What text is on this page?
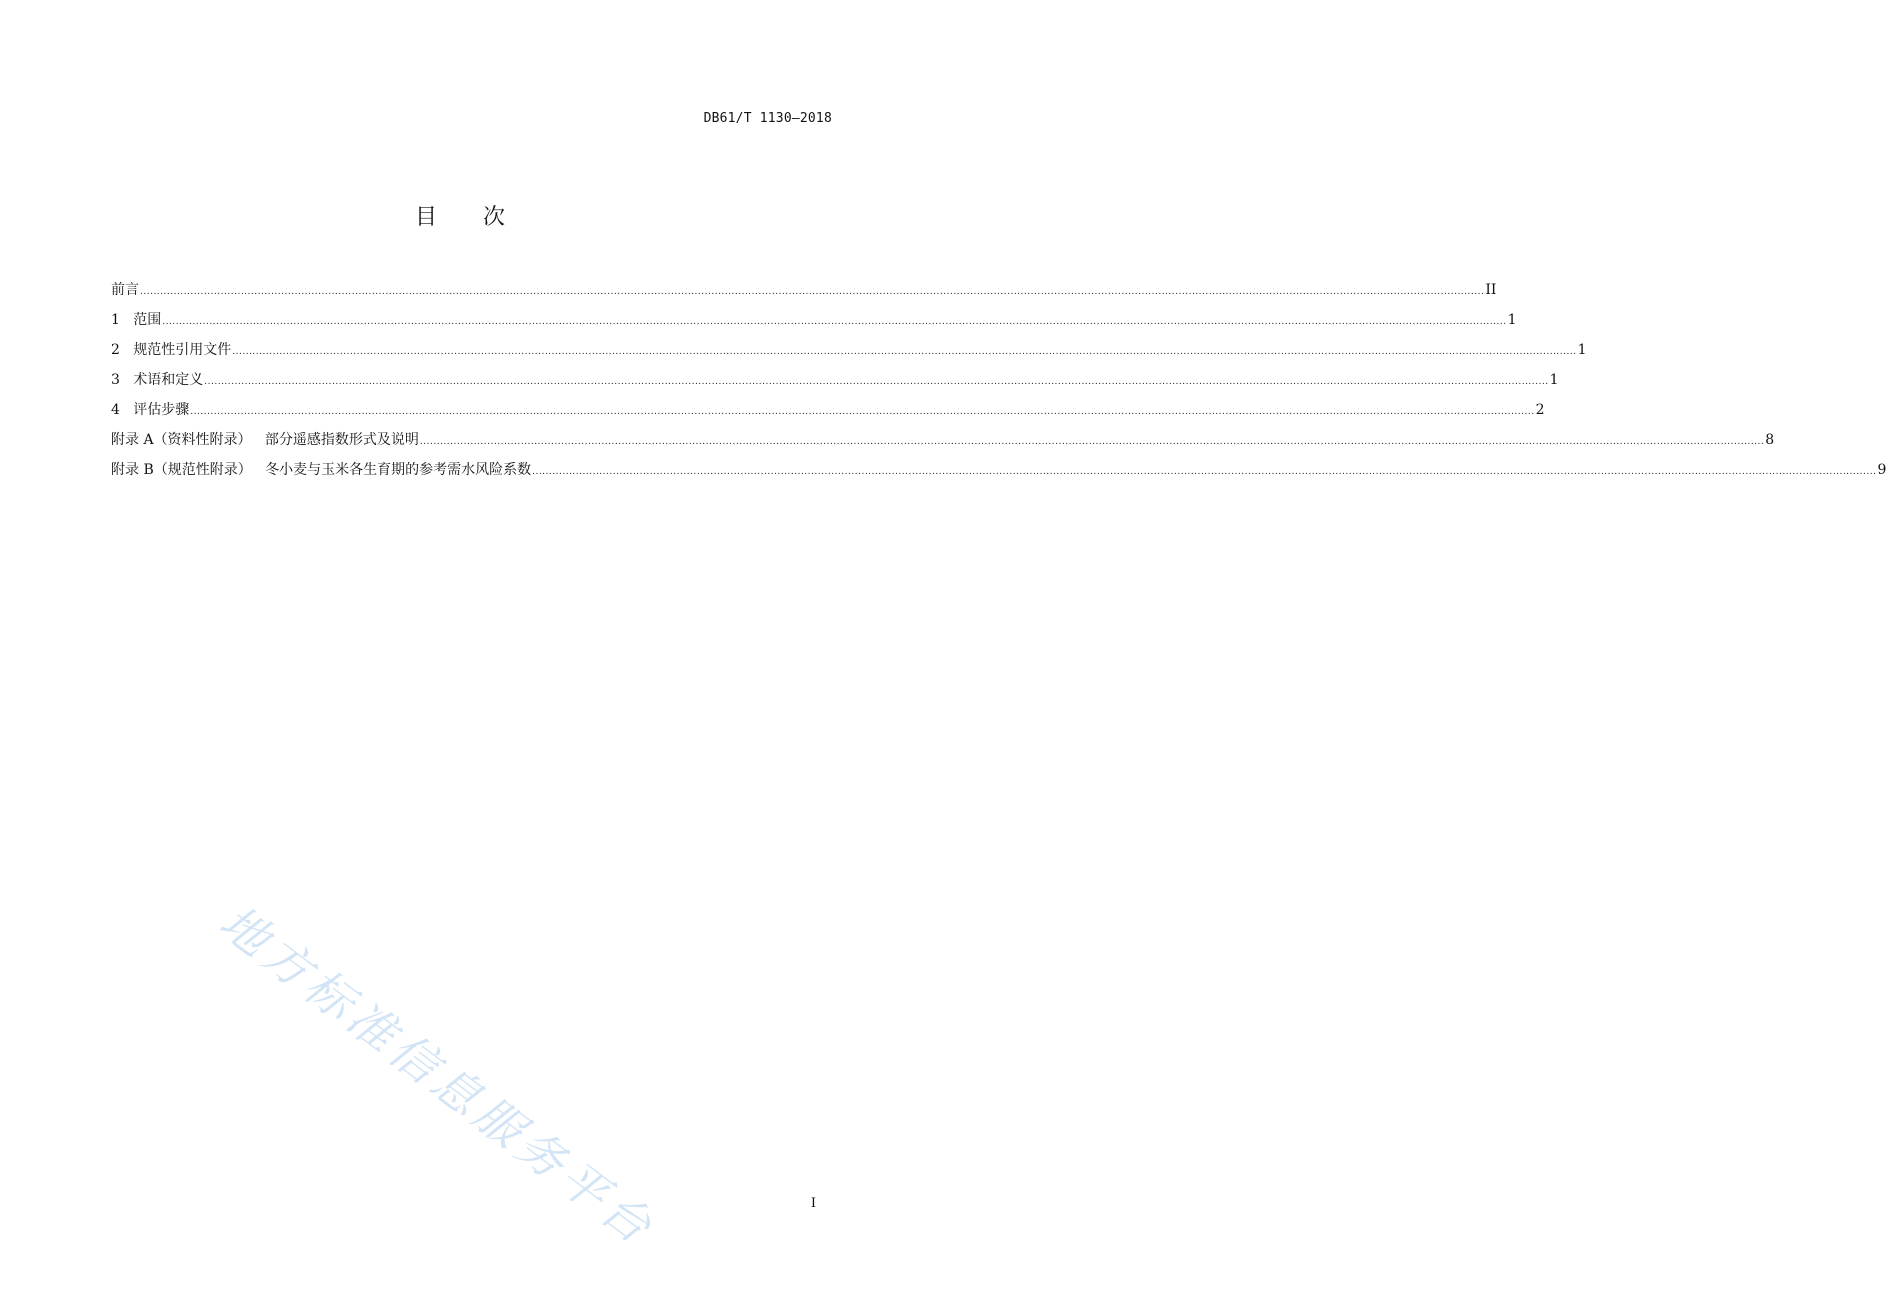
DB61/T 1130—2018
目 次
前言 ................................................................................................................................................................................................................................................................................................................................................................................................................ II
1   范围 ................................................................................................................................................................................................................................................................................................................................................................................................................ 1
2   规范性引用文件 ................................................................................................................................................................................................................................................................................................................................................................................................................ 1
3   术语和定义 ................................................................................................................................................................................................................................................................................................................................................................................................................ 1
4   评估步骤 ................................................................................................................................................................................................................................................................................................................................................................................................................ 2
附录 A（资料性附录）   部分遥感指数形式及说明 ................................................................................................................................................................................................................................................................................................................................................................................................................ 8
附录 B（规范性附录）   冬小麦与玉米各生育期的参考需水风险系数 ................................................................................................................................................................................................................................................................................................................................................................................................................ 9
地方标准信息服务平台	I
